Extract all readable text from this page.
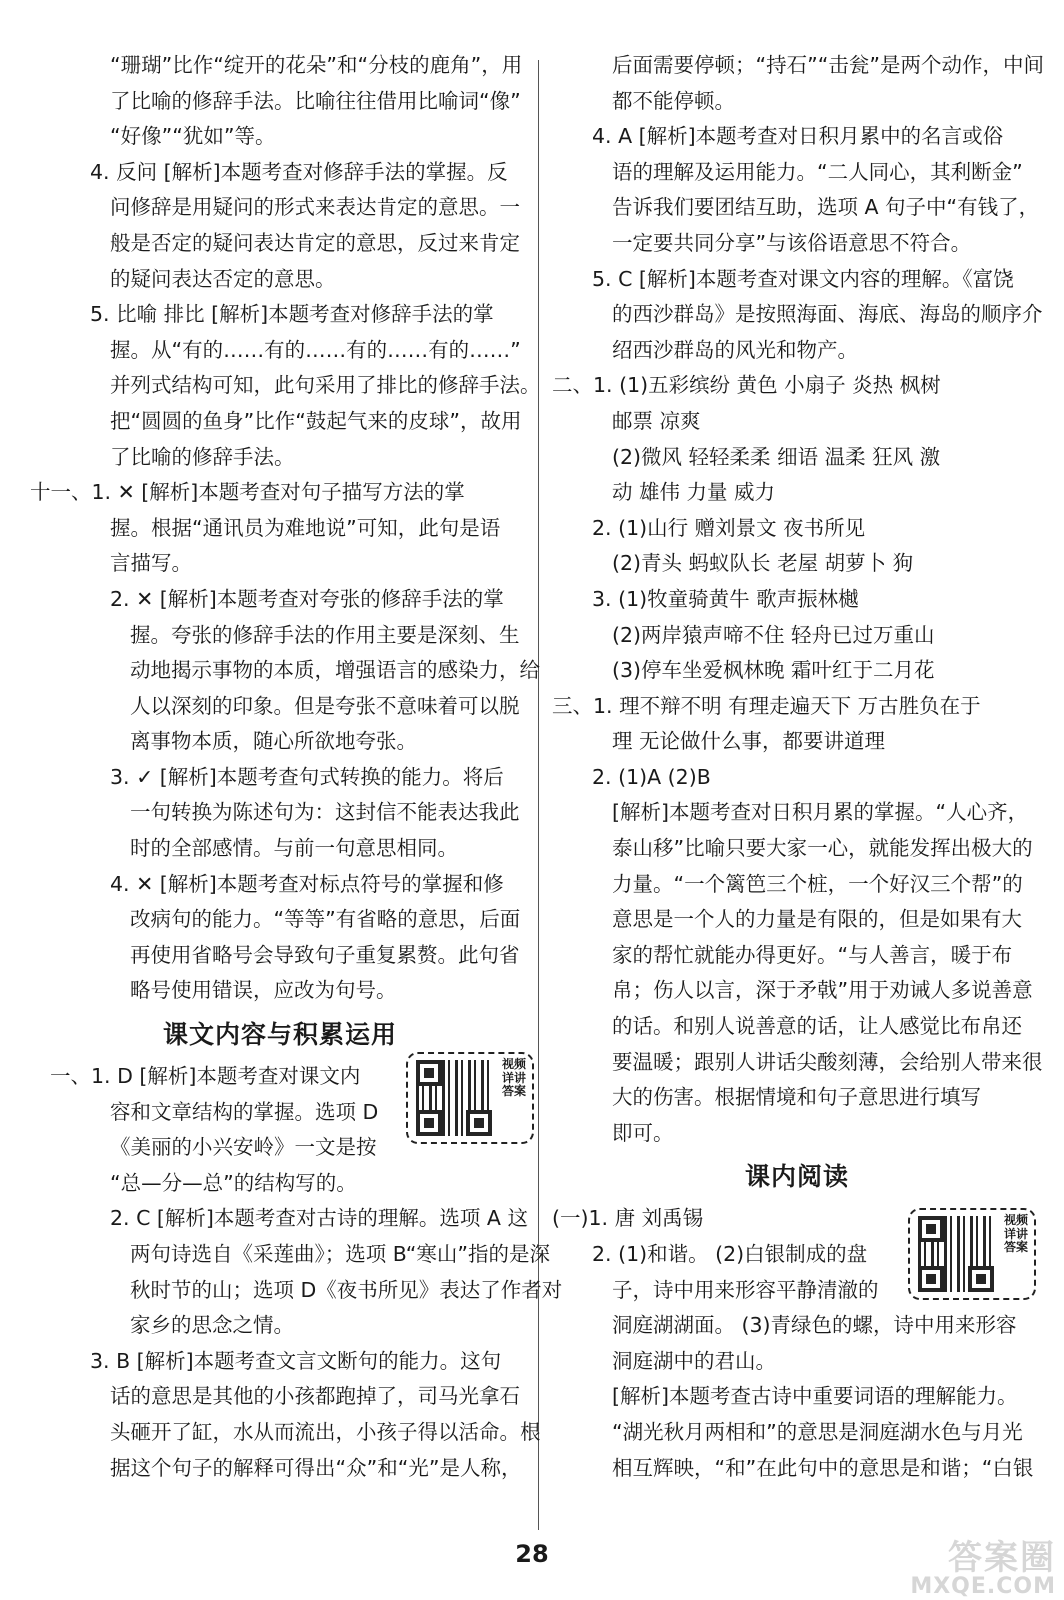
“珊瑚”比作“绽开的花朵”和“分枝的鹿角”，用
了比喻的修辞手法。比喻往往借用比喻词“像”
“好像”“犹如”等。
4. 反问 [解析]本题考查对修辞手法的掌握。反
问修辞是用疑问的形式来表达肯定的意思。一
般是否定的疑问表达肯定的意思，反过来肯定
的疑问表达否定的意思。
5. 比喻 排比 [解析]本题考查对修辞手法的掌
握。从“有的……有的……有的……有的……”
并列式结构可知，此句采用了排比的修辞手法。
把“圆圆的鱼身”比作“鼓起气来的皮球”，故用
了比喻的修辞手法。
十一、1. ✕ [解析]本题考查对句子描写方法的掌
握。根据“通讯员为难地说”可知，此句是语
言描写。
2. ✕ [解析]本题考查对夸张的修辞手法的掌
握。夸张的修辞手法的作用主要是深刻、生
动地揭示事物的本质，增强语言的感染力，给
人以深刻的印象。但是夸张不意味着可以脱
离事物本质，随心所欲地夸张。
3. ✓ [解析]本题考查句式转换的能力。将后
一句转换为陈述句为：这封信不能表达我此
时的全部感情。与前一句意思相同。
4. ✕ [解析]本题考查对标点符号的掌握和修
改病句的能力。“等等”有省略的意思，后面
再使用省略号会导致句子重复累赘。此句省
略号使用错误，应改为句号。
课文内容与积累运用
一、1. D [解析]本题考查对课文内
容和文章结构的掌握。选项 D
《美丽的小兴安岭》一文是按
“总—分—总”的结构写的。
2. C [解析]本题考查对古诗的理解。选项 A 这
两句诗选自《采莲曲》；选项 B“寒山”指的是深
秋时节的山；选项 D《夜书所见》表达了作者对
家乡的思念之情。
3. B [解析]本题考查文言文断句的能力。这句
话的意思是其他的小孩都跑掉了，司马光拿石
头砸开了缸，水从而流出，小孩子得以活命。根
据这个句子的解释可得出“众”和“光”是人称，
后面需要停顿；“持石”“击瓮”是两个动作，中间
都不能停顿。
4. A [解析]本题考查对日积月累中的名言或俗
语的理解及运用能力。“二人同心，其利断金”
告诉我们要团结互助，选项 A 句子中“有钱了，
一定要共同分享”与该俗语意思不符合。
5. C [解析]本题考查对课文内容的理解。《富饶
的西沙群岛》是按照海面、海底、海岛的顺序介
绍西沙群岛的风光和物产。
二、1. (1)五彩缤纷 黄色 小扇子 炎热 枫树
邮票 凉爽
(2)微风 轻轻柔柔 细语 温柔 狂风 激
动 雄伟 力量 威力
2. (1)山行 赠刘景文 夜书所见
(2)青头 蚂蚁队长 老屋 胡萝卜 狗
3. (1)牧童骑黄牛 歌声振林樾
(2)两岸猿声啼不住 轻舟已过万重山
(3)停车坐爱枫林晚 霜叶红于二月花
三、1. 理不辩不明 有理走遍天下 万古胜负在于
理 无论做什么事，都要讲道理
2. (1)A (2)B
[解析]本题考查对日积月累的掌握。“人心齐，
泰山移”比喻只要大家一心，就能发挥出极大的
力量。“一个篱笆三个桩，一个好汉三个帮”的
意思是一个人的力量是有限的，但是如果有大
家的帮忙就能办得更好。“与人善言，暖于布
帛；伤人以言，深于矛戟”用于劝诫人多说善意
的话。和别人说善意的话，让人感觉比布帛还
要温暖；跟别人讲话尖酸刻薄，会给别人带来很
大的伤害。根据情境和句子意思进行填写
即可。
课内阅读
(一)1. 唐 刘禹锡
2. (1)和谐。 (2)白银制成的盘
子，诗中用来形容平静清澈的
洞庭湖湖面。 (3)青绿色的螺，诗中用来形容
洞庭湖中的君山。
[解析]本题考查古诗中重要词语的理解能力。
“湖光秋月两相和”的意思是洞庭湖水色与月光
相互辉映，“和”在此句中的意思是和谐；“白银
视频详讲答案
视频详讲答案
28	答案圈
MXQE.COM
